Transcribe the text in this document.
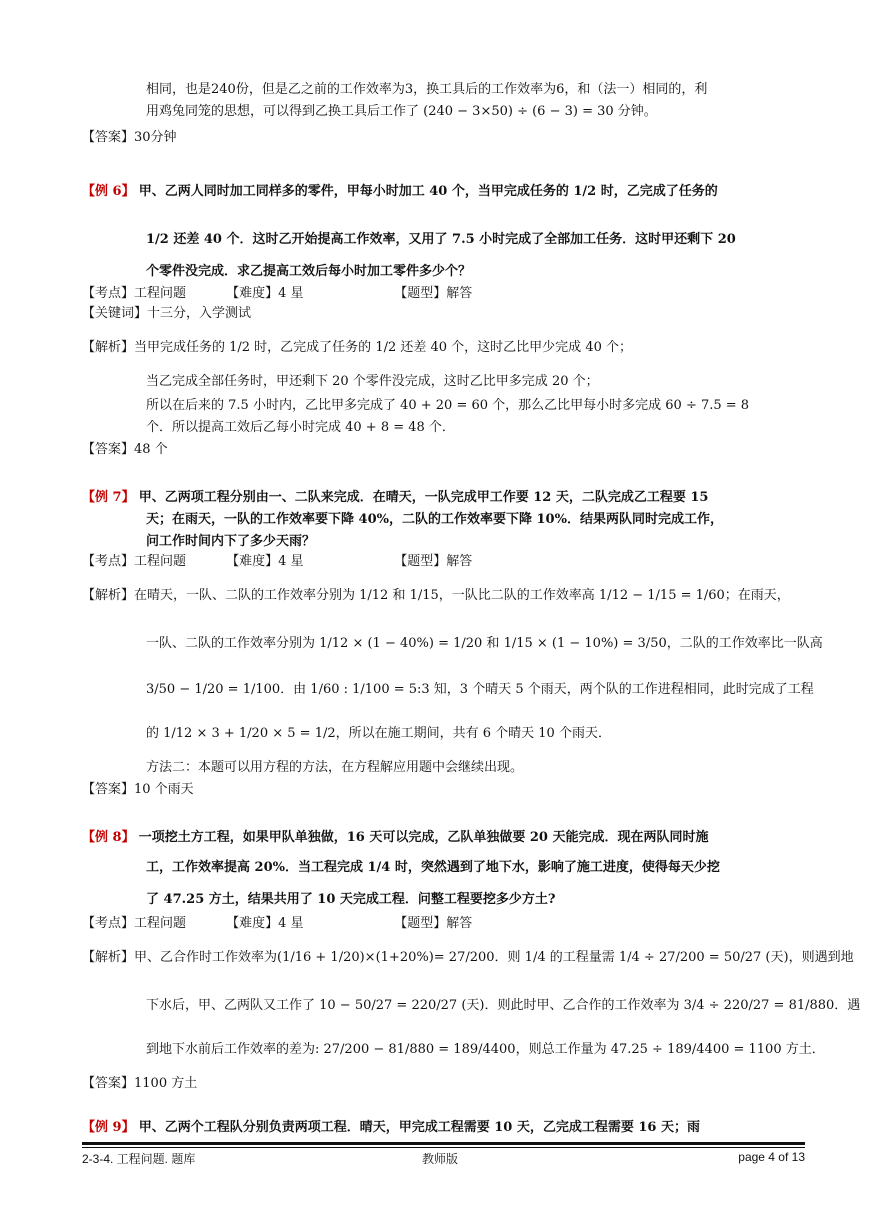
相同，也是240份，但是乙之前的工作效率为3，换工具后的工作效率为6，和（法一）相同的，利
用鸡兔同笼的思想，可以得到乙换工具后工作了 (240 − 3×50) ÷ (6 − 3) = 30 分钟。
【答案】30分钟
【例 6】 甲、乙两人同时加工同样多的零件，甲每小时加工 40 个，当甲完成任务的 1/2 时，乙完成了任务的
1/2 还差 40 个．这时乙开始提高工作效率，又用了 7.5 小时完成了全部加工任务．这时甲还剩下 20
个零件没完成．求乙提高工效后每小时加工零件多少个？
【考点】工程问题	【难度】4 星	【题型】解答
【关键词】十三分，入学测试
【解析】当甲完成任务的 1/2 时，乙完成了任务的 1/2 还差 40 个，这时乙比甲少完成 40 个；
当乙完成全部任务时，甲还剩下 20 个零件没完成，这时乙比甲多完成 20 个；
所以在后来的 7.5 小时内，乙比甲多完成了 40 + 20 = 60 个，那么乙比甲每小时多完成 60 ÷ 7.5 = 8
个．所以提高工效后乙每小时完成 40 + 8 = 48 个．
【答案】48 个
【例 7】 甲、乙两项工程分别由一、二队来完成．在晴天，一队完成甲工作要 12 天，二队完成乙工程要 15
天；在雨天，一队的工作效率要下降 40%，二队的工作效率要下降 10%．结果两队同时完成工作，
问工作时间内下了多少天雨？
【考点】工程问题	【难度】4 星	【题型】解答
【解析】在晴天，一队、二队的工作效率分别为 1/12 和 1/15，一队比二队的工作效率高 1/12 − 1/15 = 1/60；在雨天，
一队、二队的工作效率分别为 1/12 × (1 − 40%) = 1/20 和 1/15 × (1 − 10%) = 3/50，二队的工作效率比一队高
3/50 − 1/20 = 1/100．由 1/60 : 1/100 = 5:3 知，3 个晴天 5 个雨天，两个队的工作进程相同，此时完成了工程
的 1/12 × 3 + 1/20 × 5 = 1/2，所以在施工期间，共有 6 个晴天 10 个雨天．
方法二：本题可以用方程的方法，在方程解应用题中会继续出现。
【答案】10 个雨天
【例 8】 一项挖土方工程，如果甲队单独做，16 天可以完成，乙队单独做要 20 天能完成．现在两队同时施
工，工作效率提高 20%．当工程完成 1/4 时，突然遇到了地下水，影响了施工进度，使得每天少挖
了 47.25 方土，结果共用了 10 天完成工程．问整工程要挖多少方土?
【考点】工程问题	【难度】4 星	【题型】解答
【解析】甲、乙合作时工作效率为(1/16 + 1/20)×(1+20%)= 27/200．则 1/4 的工程量需 1/4 ÷ 27/200 = 50/27 (天)，则遇到地
下水后，甲、乙两队又工作了 10 − 50/27 = 220/27 (天)．则此时甲、乙合作的工作效率为 3/4 ÷ 220/27 = 81/880．遇
到地下水前后工作效率的差为: 27/200 − 81/880 = 189/4400，则总工作量为 47.25 ÷ 189/4400 = 1100 方土．
【答案】1100 方土
【例 9】 甲、乙两个工程队分别负责两项工程．晴天，甲完成工程需要 10 天，乙完成工程需要 16 天；雨
2-3-4. 工程问题. 题库	教师版	page 4 of 13
